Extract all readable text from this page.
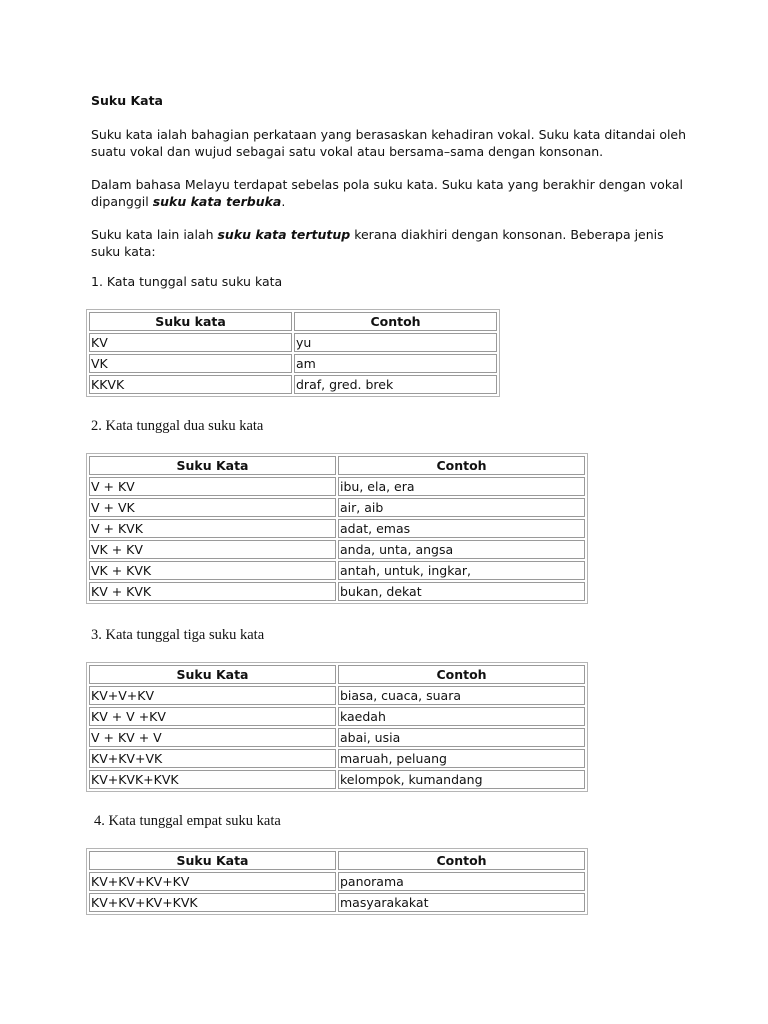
Suku Kata

Suku kata ialah bahagian perkataan yang berasaskan kehadiran vokal. Suku kata ditandai oleh suatu vokal dan wujud sebagai satu vokal atau bersama–sama dengan konsonan.

Dalam bahasa Melayu terdapat sebelas pola suku kata. Suku kata yang berakhir dengan vokal dipanggil suku kata terbuka.

Suku kata lain ialah suku kata tertutup kerana diakhiri dengan konsonan. Beberapa jenis suku kata:

1. Kata tunggal satu suku kata
Suku kata	Contoh
KV	yu
VK	am
KKVK	draf, gred. brek
2. Kata tunggal dua suku kata
Suku Kata	Contoh
V + KV	ibu, ela, era
V + VK	air, aib
V + KVK	adat, emas
VK + KV	anda, unta, angsa
VK + KVK	antah, untuk, ingkar,
KV + KVK	bukan, dekat
3. Kata tunggal tiga suku kata
Suku Kata	Contoh
KV+V+KV	biasa, cuaca, suara
KV + V +KV	kaedah
V + KV + V	abai, usia
KV+KV+VK	maruah, peluang
KV+KVK+KVK	kelompok, kumandang
4. Kata tunggal empat suku kata
Suku Kata	Contoh
KV+KV+KV+KV	panorama
KV+KV+KV+KVK	masyarakakat
